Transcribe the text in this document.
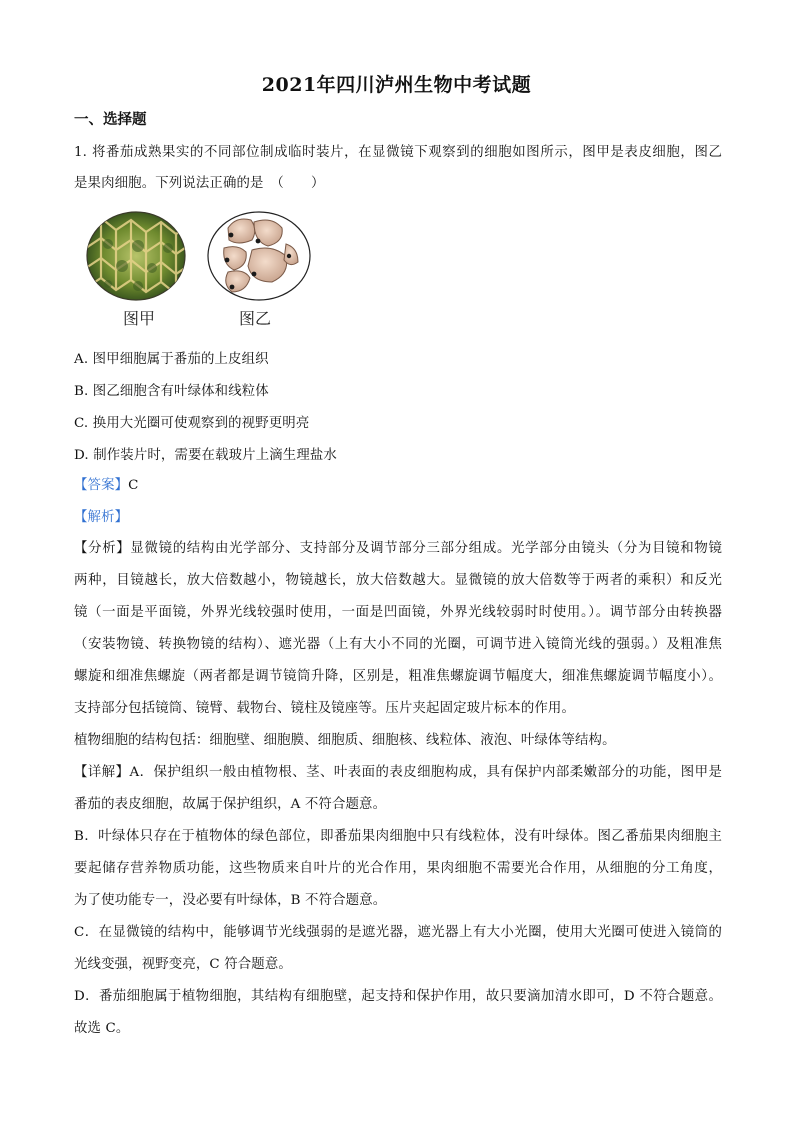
2021年四川泸州生物中考试题
一、选择题
1. 将番茄成熟果实的不同部位制成临时装片，在显微镜下观察到的细胞如图所示，图甲是表皮细胞，图乙
是果肉细胞。下列说法正确的是　（　　）
图甲	图乙
A. 图甲细胞属于番茄的上皮组织
B. 图乙细胞含有叶绿体和线粒体
C. 换用大光圈可使观察到的视野更明亮
D. 制作装片时，需要在载玻片上滴生理盐水
【答案】C
【解析】
【分析】显微镜的结构由光学部分、支持部分及调节部分三部分组成。光学部分由镜头（分为目镜和物镜
两种，目镜越长，放大倍数越小，物镜越长，放大倍数越大。显微镜的放大倍数等于两者的乘积）和反光
镜（一面是平面镜，外界光线较强时使用，一面是凹面镜，外界光线较弱时时使用。）。调节部分由转换器
（安装物镜、转换物镜的结构）、遮光器（上有大小不同的光圈，可调节进入镜筒光线的强弱。）及粗准焦
螺旋和细准焦螺旋（两者都是调节镜筒升降，区别是，粗准焦螺旋调节幅度大，细准焦螺旋调节幅度小）。
支持部分包括镜筒、镜臂、载物台、镜柱及镜座等。压片夹起固定玻片标本的作用。
植物细胞的结构包括：细胞壁、细胞膜、细胞质、细胞核、线粒体、液泡、叶绿体等结构。
【详解】A．保护组织一般由植物根、茎、叶表面的表皮细胞构成，具有保护内部柔嫩部分的功能，图甲是
番茄的表皮细胞，故属于保护组织，A 不符合题意。
B．叶绿体只存在于植物体的绿色部位，即番茄果肉细胞中只有线粒体，没有叶绿体。图乙番茄果肉细胞主
要起储存营养物质功能，这些物质来自叶片的光合作用，果肉细胞不需要光合作用，从细胞的分工角度，
为了使功能专一，没必要有叶绿体，B 不符合题意。
C．在显微镜的结构中，能够调节光线强弱的是遮光器，遮光器上有大小光圈，使用大光圈可使进入镜筒的
光线变强，视野变亮，C 符合题意。
D．番茄细胞属于植物细胞，其结构有细胞壁，起支持和保护作用，故只要滴加清水即可，D 不符合题意。
故选 C。
